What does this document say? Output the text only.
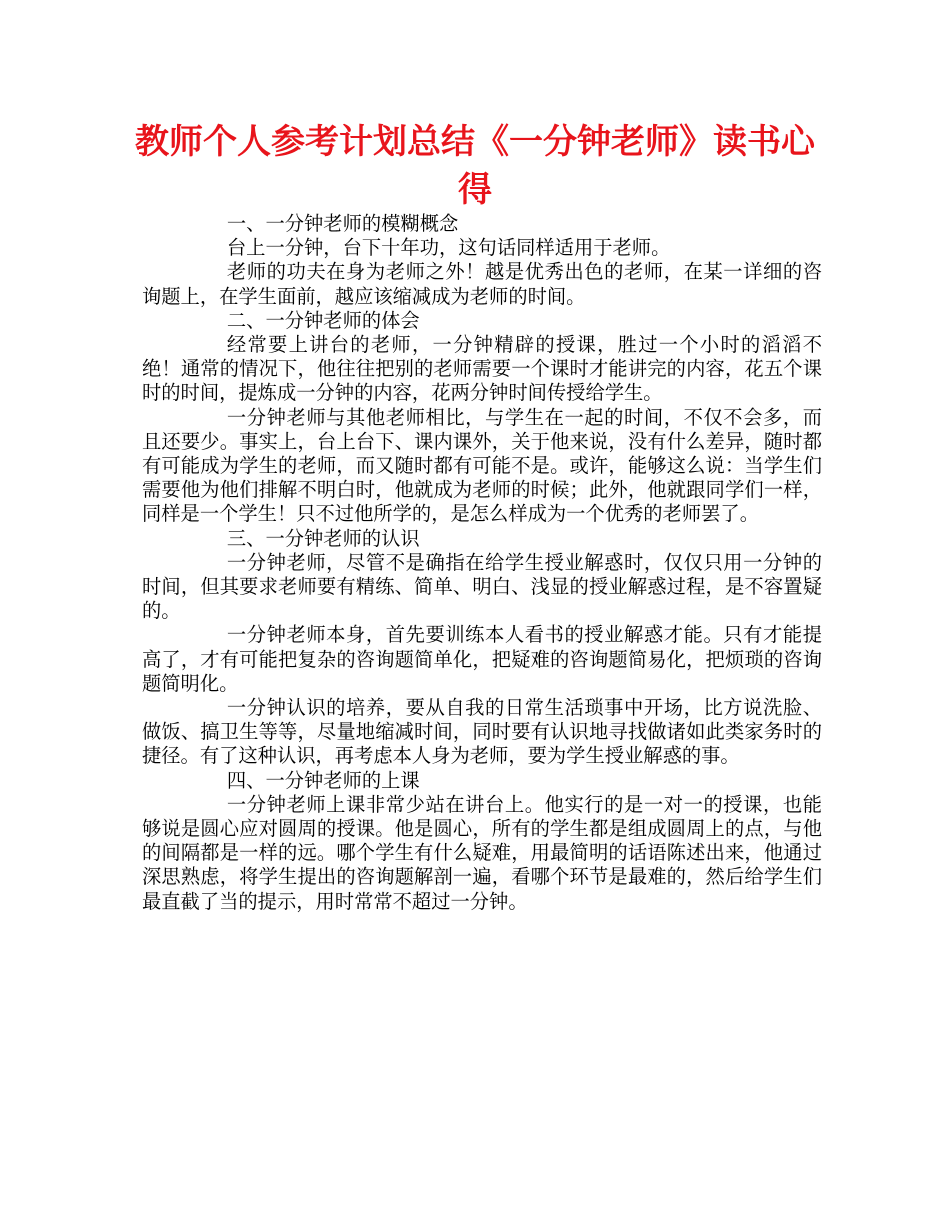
教师个人参考计划总结《一分钟老师》读书心得

一、一分钟老师的模糊概念

台上一分钟，台下十年功，这句话同样适用于老师。

老师的功夫在身为老师之外！越是优秀出色的老师，在某一详细的咨询题上，在学生面前，越应该缩减成为老师的时间。

二、一分钟老师的体会

经常要上讲台的老师，一分钟精辟的授课，胜过一个小时的滔滔不绝！通常的情况下，他往往把别的老师需要一个课时才能讲完的内容，花五个课时的时间，提炼成一分钟的内容，花两分钟时间传授给学生。

一分钟老师与其他老师相比，与学生在一起的时间，不仅不会多，而且还要少。事实上，台上台下、课内课外，关于他来说，没有什么差异，随时都有可能成为学生的老师，而又随时都有可能不是。或许，能够这么说：当学生们需要他为他们排解不明白时，他就成为老师的时候；此外，他就跟同学们一样，同样是一个学生！只不过他所学的，是怎么样成为一个优秀的老师罢了。

三、一分钟老师的认识

一分钟老师，尽管不是确指在给学生授业解惑时，仅仅只用一分钟的时间，但其要求老师要有精练、简单、明白、浅显的授业解惑过程，是不容置疑的。

一分钟老师本身，首先要训练本人看书的授业解惑才能。只有才能提高了，才有可能把复杂的咨询题简单化，把疑难的咨询题简易化，把烦琐的咨询题简明化。

一分钟认识的培养，要从自我的日常生活琐事中开场，比方说洗脸、做饭、搞卫生等等，尽量地缩减时间，同时要有认识地寻找做诸如此类家务时的捷径。有了这种认识，再考虑本人身为老师，要为学生授业解惑的事。

四、一分钟老师的上课

一分钟老师上课非常少站在讲台上。他实行的是一对一的授课，也能够说是圆心应对圆周的授课。他是圆心，所有的学生都是组成圆周上的点，与他的间隔都是一样的远。哪个学生有什么疑难，用最简明的话语陈述出来，他通过深思熟虑，将学生提出的咨询题解剖一遍，看哪个环节是最难的，然后给学生们最直截了当的提示，用时常常不超过一分钟。
